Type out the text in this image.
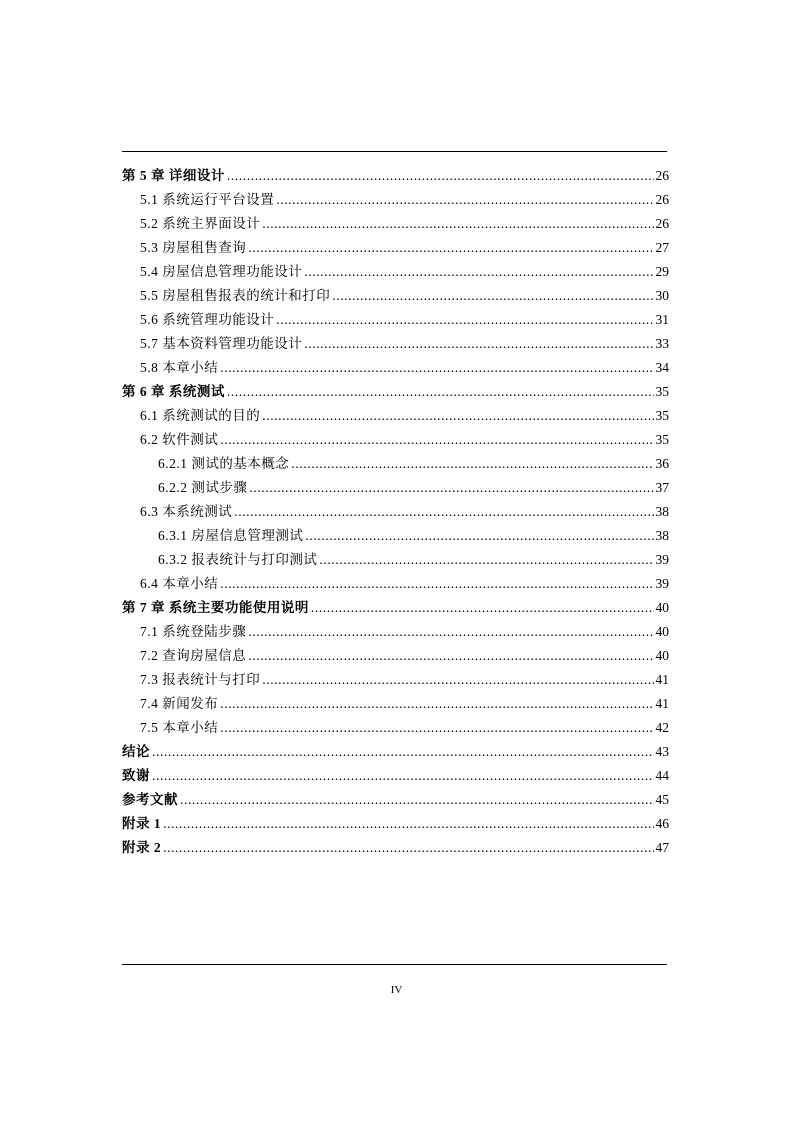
第 5 章 详细设计 .....	26
5.1 系统运行平台设置 .....	26
5.2 系统主界面设计 .....	26
5.3 房屋租售查询 .....	27
5.4 房屋信息管理功能设计 .....	29
5.5 房屋租售报表的统计和打印 .....	30
5.6 系统管理功能设计 .....	31
5.7 基本资料管理功能设计 .....	33
5.8 本章小结 .....	34
第 6 章 系统测试 .....	35
6.1 系统测试的目的 .....	35
6.2 软件测试 .....	35
6.2.1 测试的基本概念 .....	36
6.2.2 测试步骤 .....	37
6.3 本系统测试 .....	38
6.3.1 房屋信息管理测试 .....	38
6.3.2 报表统计与打印测试 .....	39
6.4 本章小结 .....	39
第 7 章 系统主要功能使用说明 .....	40
7.1 系统登陆步骤 .....	40
7.2 查询房屋信息 .....	40
7.3 报表统计与打印 .....	41
7.4 新闻发布 .....	41
7.5 本章小结 .....	42
结论 .....	43
致谢 .....	44
参考文献 .....	45
附录 1 .....	46
附录 2 .....	47
IV
